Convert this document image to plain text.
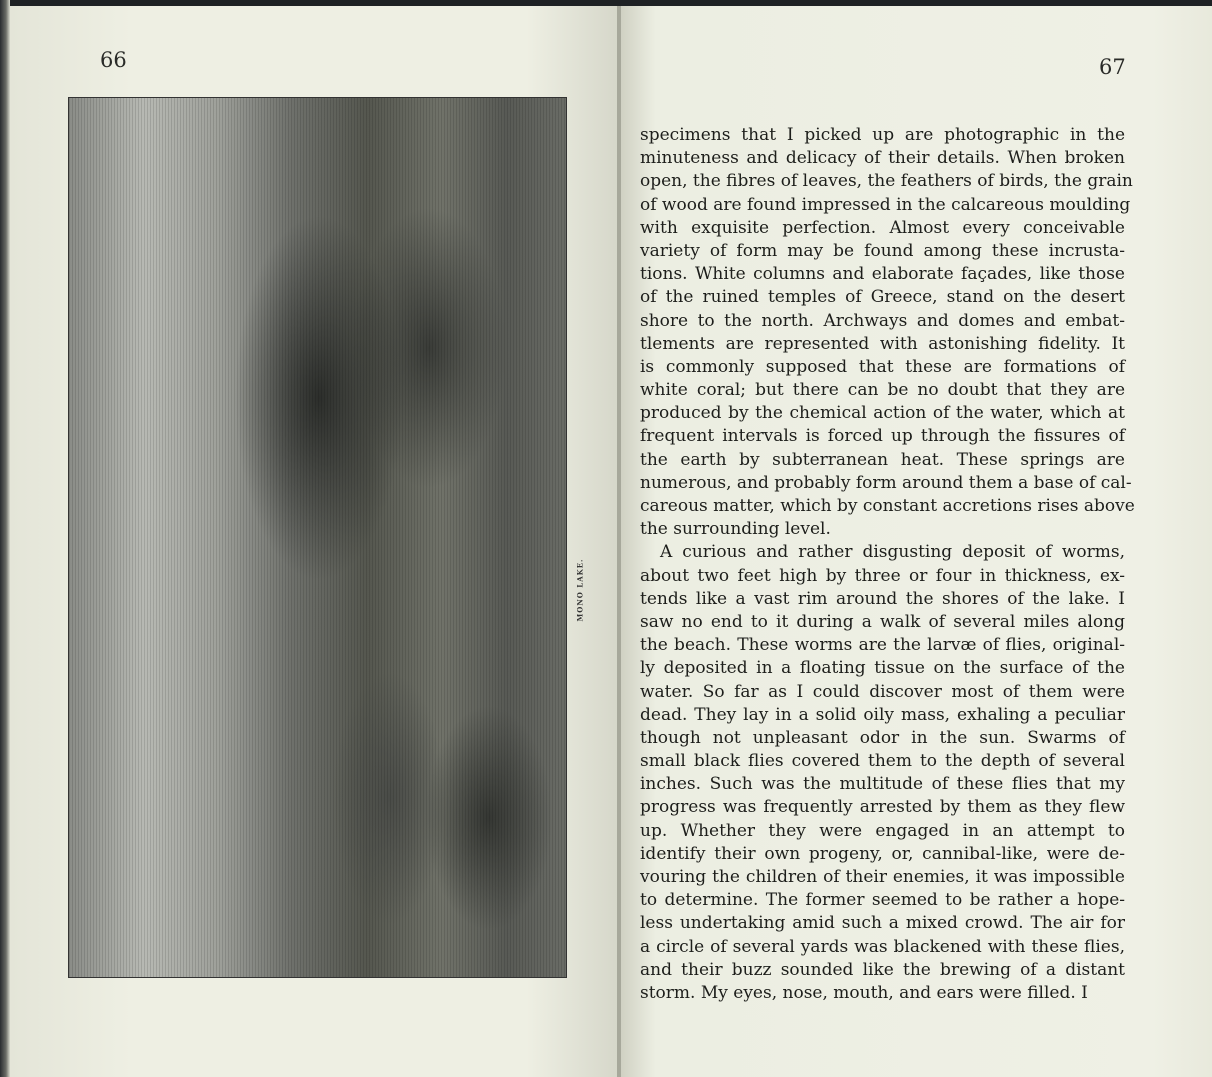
66
MONO LAKE.
67
specimens that I picked up are photographic in the
minuteness and delicacy of their details. When broken
open, the fibres of leaves, the feathers of birds, the grain
of wood are found impressed in the calcareous moulding
with exquisite perfection. Almost every conceivable
variety of form may be found among these incrusta-
tions. White columns and elaborate façades, like those
of the ruined temples of Greece, stand on the desert
shore to the north. Archways and domes and embat-
tlements are represented with astonishing fidelity. It
is commonly supposed that these are formations of
white coral; but there can be no doubt that they are
produced by the chemical action of the water, which at
frequent intervals is forced up through the fissures of
the earth by subterranean heat. These springs are
numerous, and probably form around them a base of cal-
careous matter, which by constant accretions rises above
the surrounding level.
A curious and rather disgusting deposit of worms,
about two feet high by three or four in thickness, ex-
tends like a vast rim around the shores of the lake. I
saw no end to it during a walk of several miles along
the beach. These worms are the larvæ of flies, original-
ly deposited in a floating tissue on the surface of the
water. So far as I could discover most of them were
dead. They lay in a solid oily mass, exhaling a peculiar
though not unpleasant odor in the sun. Swarms of
small black flies covered them to the depth of several
inches. Such was the multitude of these flies that my
progress was frequently arrested by them as they flew
up. Whether they were engaged in an attempt to
identify their own progeny, or, cannibal-like, were de-
vouring the children of their enemies, it was impossible
to determine. The former seemed to be rather a hope-
less undertaking amid such a mixed crowd. The air for
a circle of several yards was blackened with these flies,
and their buzz sounded like the brewing of a distant
storm. My eyes, nose, mouth, and ears were filled. I
